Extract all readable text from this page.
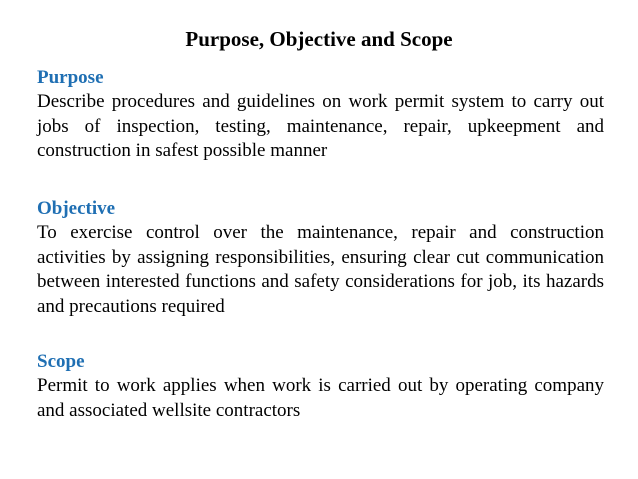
Purpose, Objective and Scope

Purpose

Describe procedures and guidelines on work permit system to carry out jobs of inspection, testing, maintenance, repair, upkeepment and construction in safest possible manner

Objective

To exercise control over the maintenance, repair and construction activities by assigning responsibilities, ensuring clear cut communication between interested functions and safety considerations for job, its hazards and precautions required

Scope

Permit to work applies when work is carried out by operating company and associated wellsite contractors
